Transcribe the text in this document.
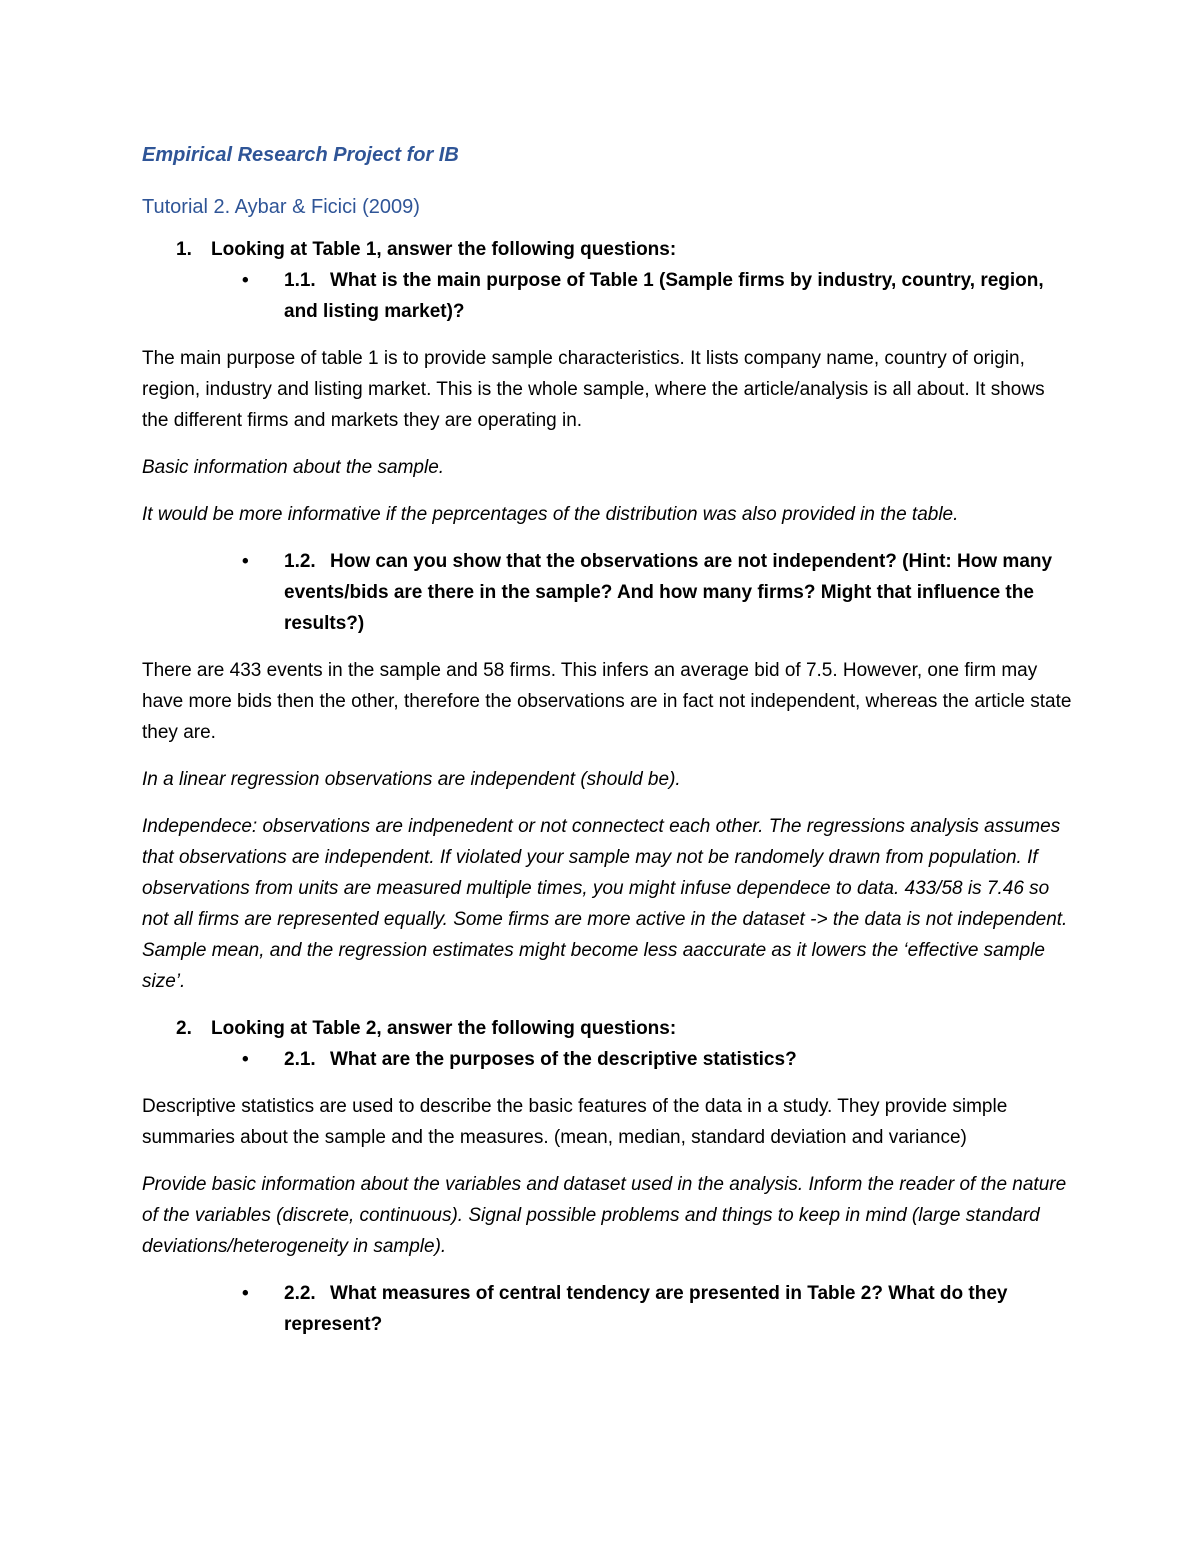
Empirical Research Project for IB

Tutorial 2. Aybar & Ficici (2009)

1. Looking at Table 1, answer the following questions:

• 1.1. What is the main purpose of Table 1 (Sample firms by industry, country, region, and listing market)?

The main purpose of table 1 is to provide sample characteristics. It lists company name, country of origin, region, industry and listing market. This is the whole sample, where the article/analysis is all about. It shows the different firms and markets they are operating in.

Basic information about the sample.

It would be more informative if the peprcentages of the distribution was also provided in the table.

• 1.2. How can you show that the observations are not independent? (Hint: How many events/bids are there in the sample? And how many firms? Might that influence the results?)

There are 433 events in the sample and 58 firms. This infers an average bid of 7.5. However, one firm may have more bids then the other, therefore the observations are in fact not independent, whereas the article state they are.

In a linear regression observations are independent (should be).

Independece: observations are indpenedent or not connectect each other. The regressions analysis assumes that observations are independent. If violated your sample may not be randomely drawn from population. If observations from units are measured multiple times, you might infuse dependece to data. 433/58 is 7.46 so not all firms are represented equally. Some firms are more active in the dataset -> the data is not independent. Sample mean, and the regression estimates might become less aaccurate as it lowers the ‘effective sample size’.

2. Looking at Table 2, answer the following questions:

• 2.1. What are the purposes of the descriptive statistics?

Descriptive statistics are used to describe the basic features of the data in a study. They provide simple summaries about the sample and the measures. (mean, median, standard deviation and variance)

Provide basic information about the variables and dataset used in the analysis. Inform the reader of the nature of the variables (discrete, continuous). Signal possible problems and things to keep in mind (large standard deviations/heterogeneity in sample).

• 2.2. What measures of central tendency are presented in Table 2? What do they represent?
